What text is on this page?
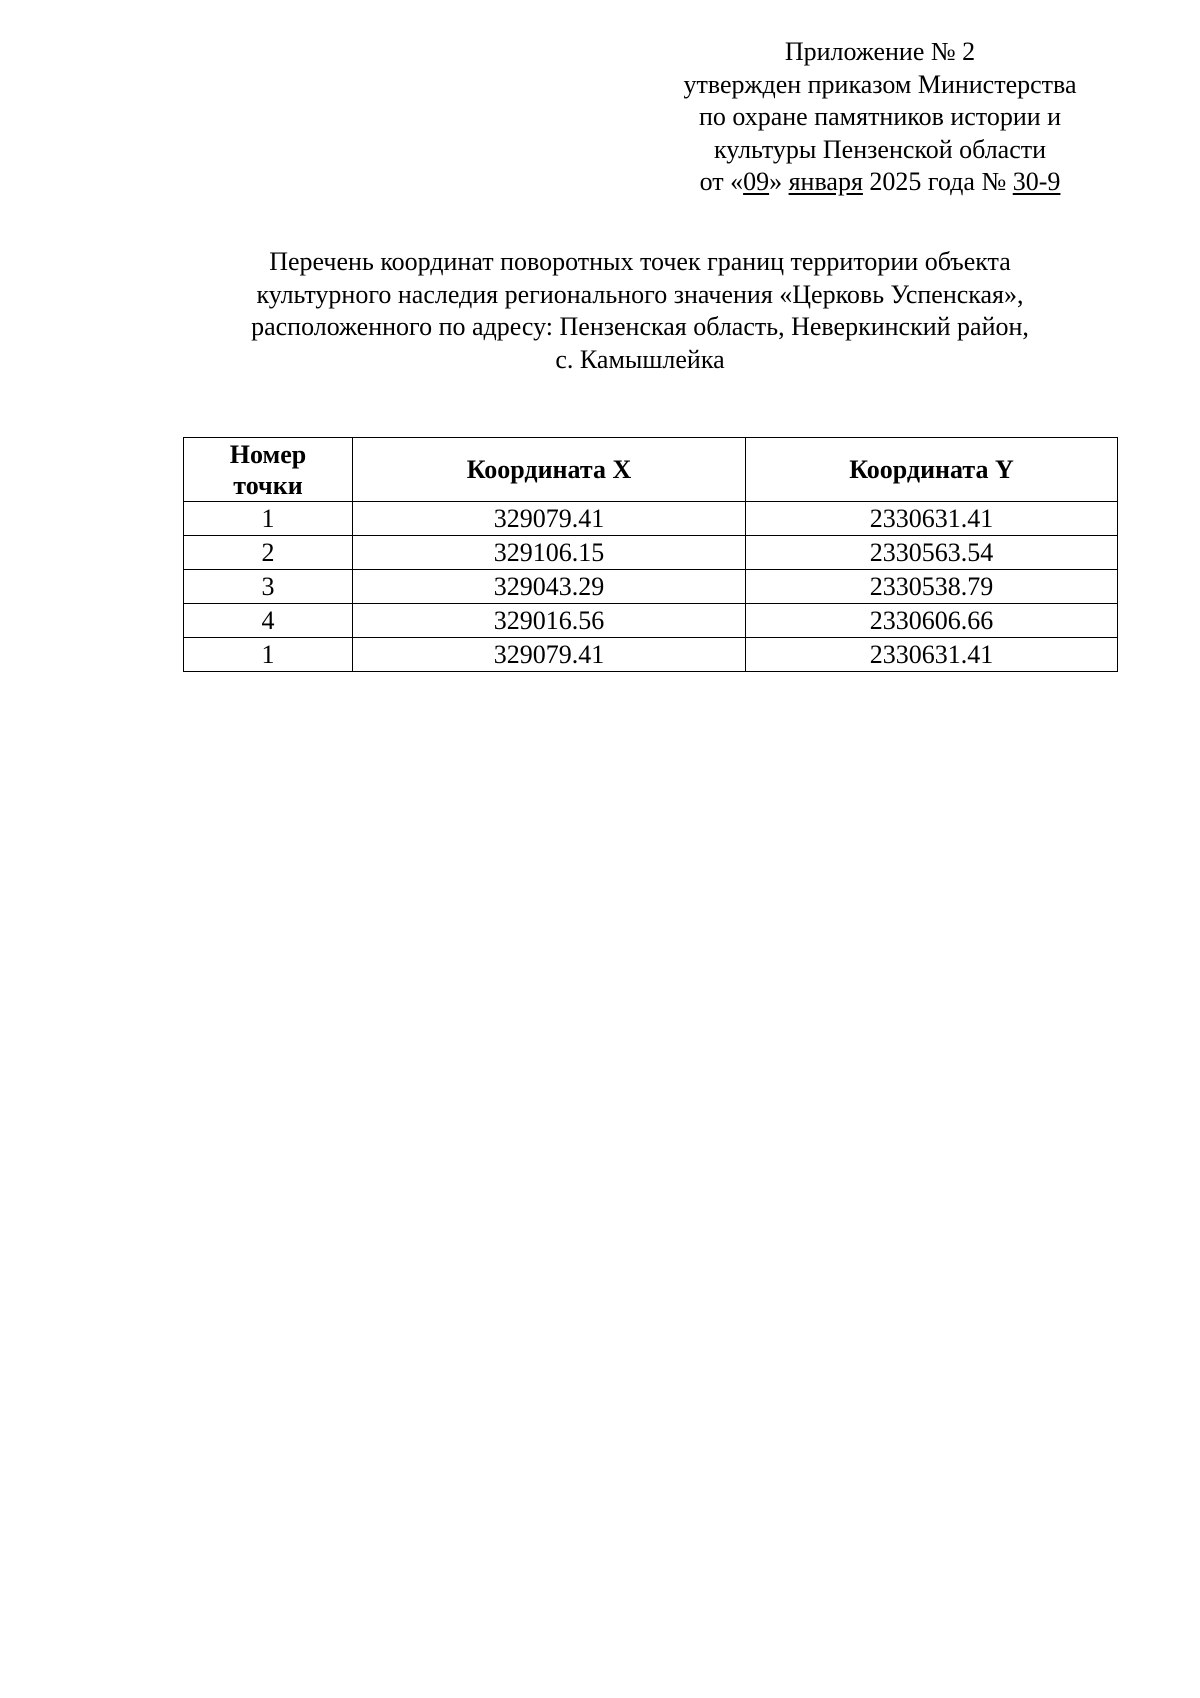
Приложение № 2
утвержден приказом Министерства
по охране памятников истории и
культуры Пензенской области
от «09» января 2025 года № 30-9
Перечень координат поворотных точек границ территории объекта
культурного наследия регионального значения «Церковь Успенская»,
расположенного по адресу: Пензенская область, Неверкинский район,
с. Камышлейка
Номер
точки	Координата X	Координата Y
1	329079.41	2330631.41
2	329106.15	2330563.54
3	329043.29	2330538.79
4	329016.56	2330606.66
1	329079.41	2330631.41
